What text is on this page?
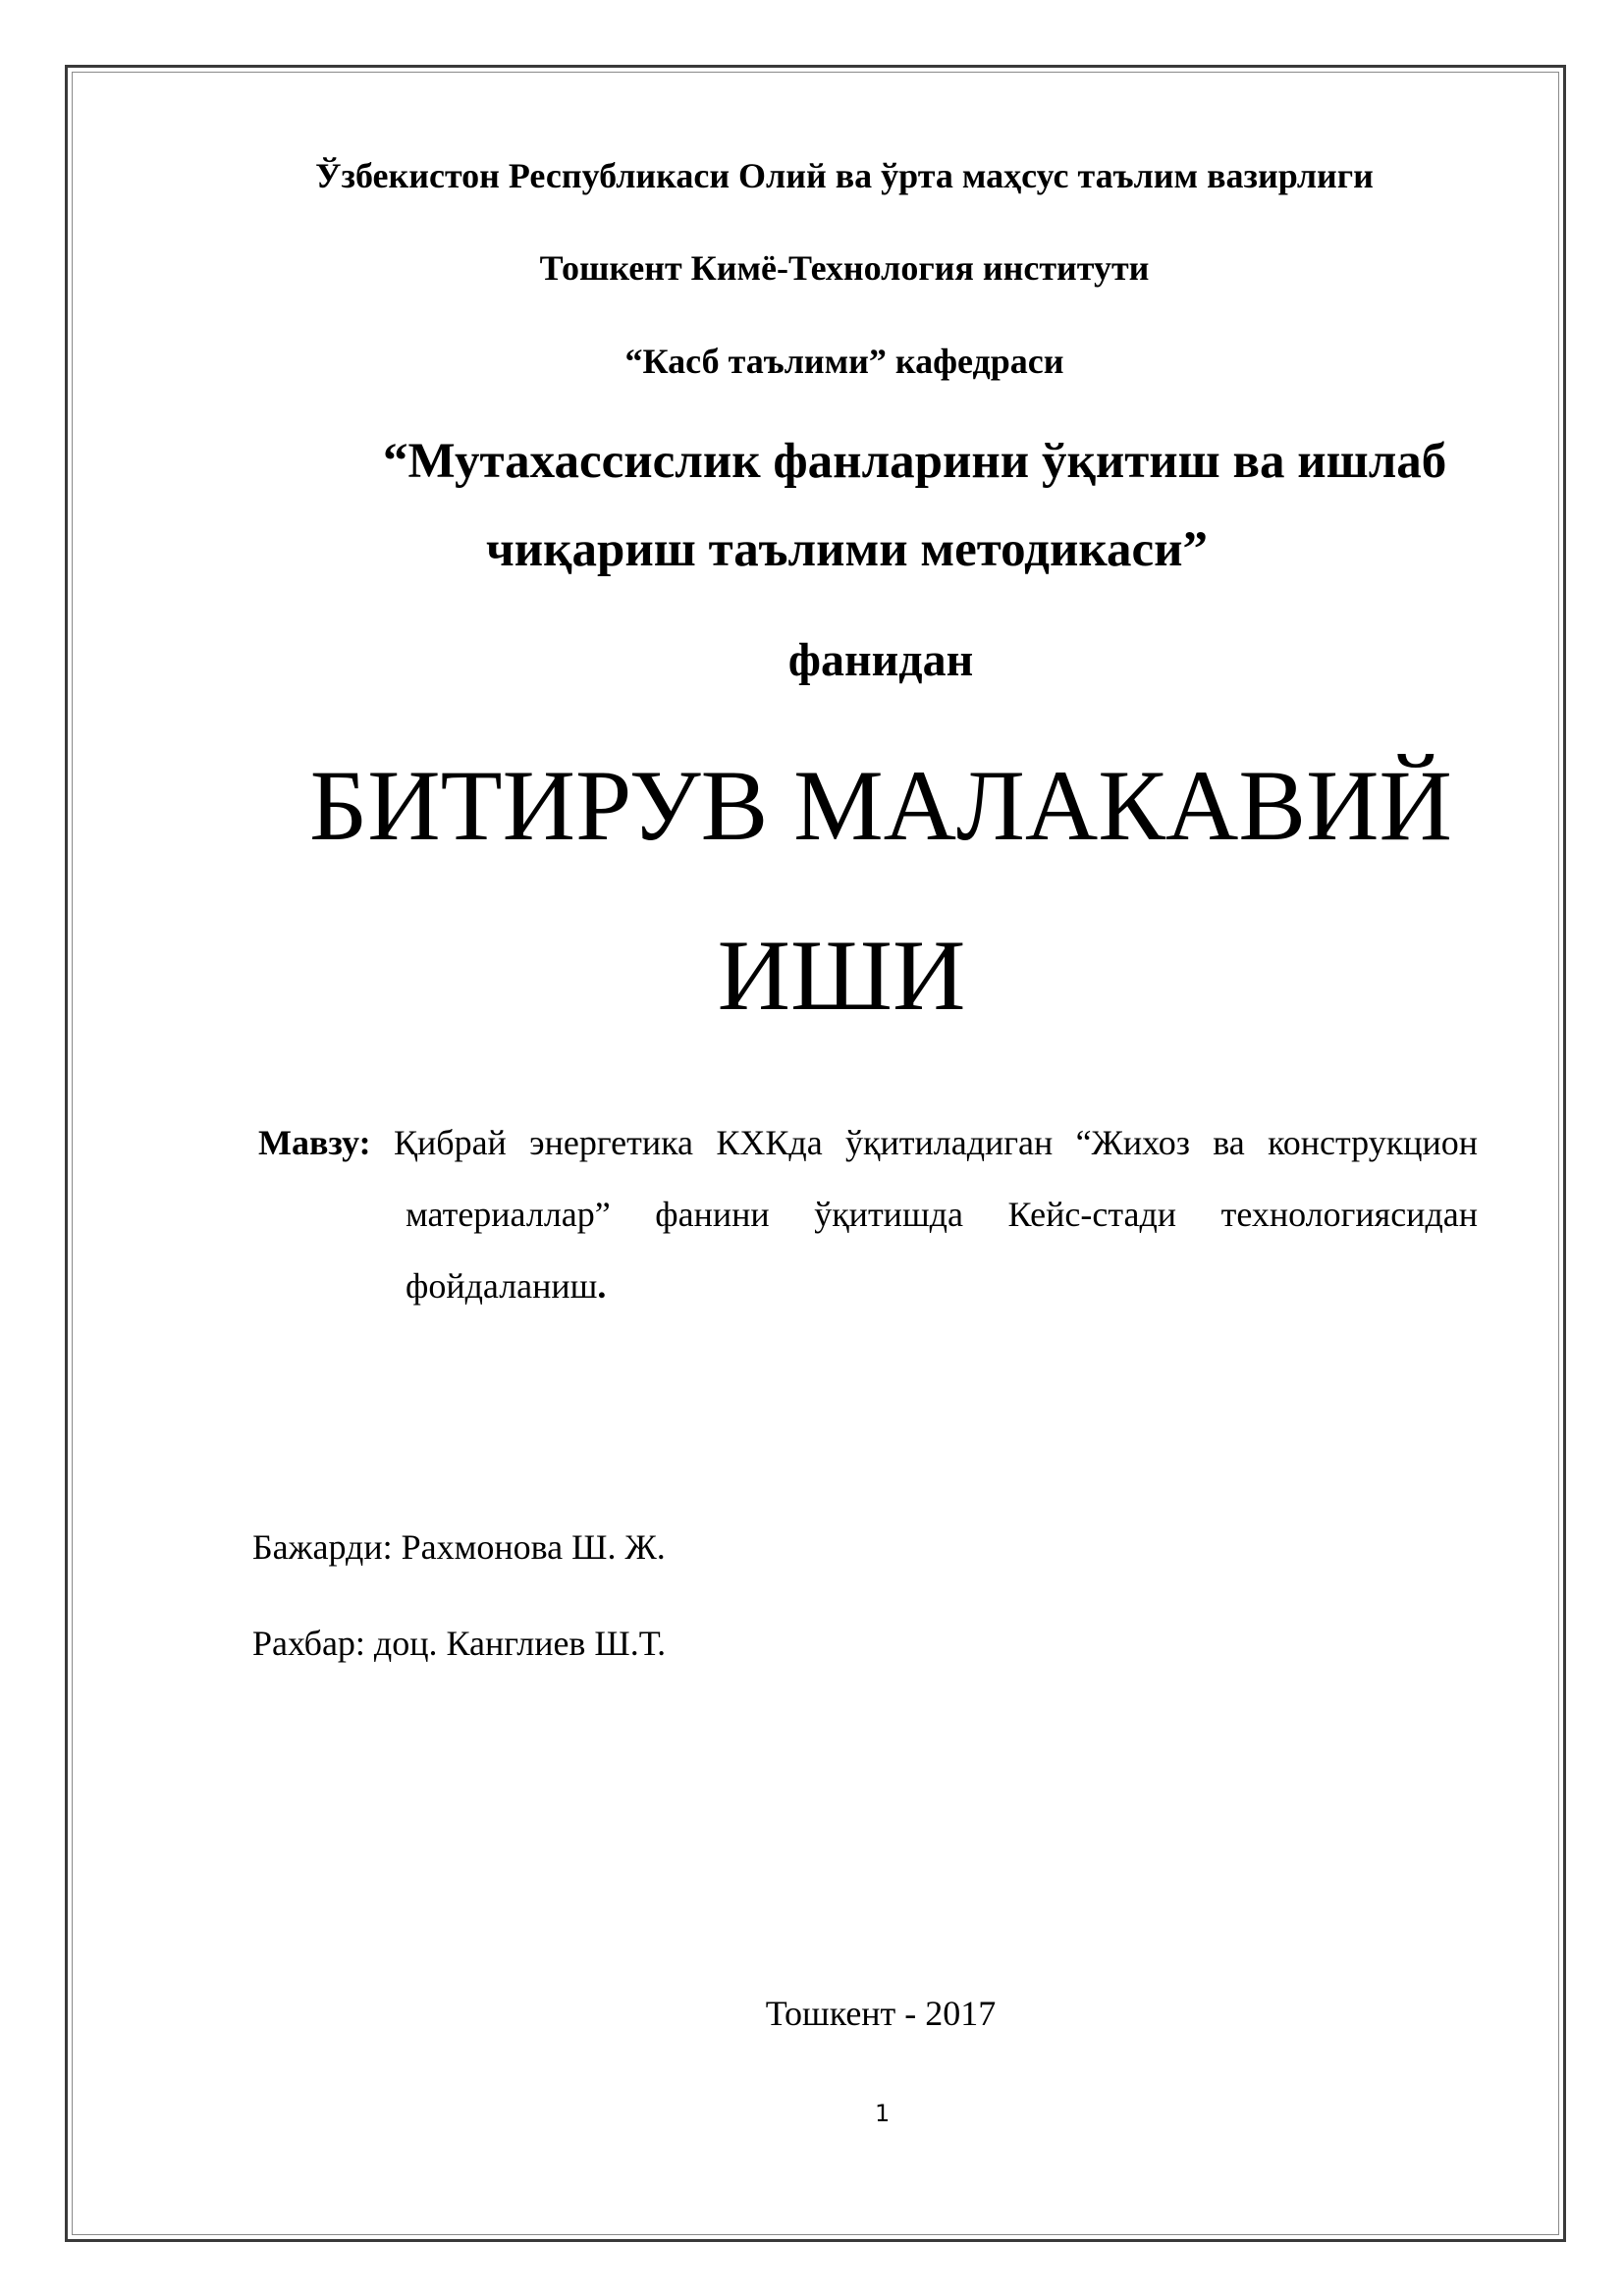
Ўзбекистон Республикаси Олий ва ўрта маҳсус таълим вазирлиги
Тошкент Кимё-Технология институти
“Касб таълими” кафедраси
“Мутахассислик фанларини ўқитиш ва ишлаб
чиқариш таълими методикаси”
фанидан
БИТИРУВ МАЛАКАВИЙ
ИШИ
Мавзу: Қибрай энергетика КХКда ўқитиладиган “Жихоз ва конструкцион материаллар” фанини ўқитишда Кейс-стади технологиясидан фойдаланиш.
Бажарди: Рахмонова Ш. Ж.
Рахбар: доц. Канглиев Ш.Т.
Тошкент - 2017
1
